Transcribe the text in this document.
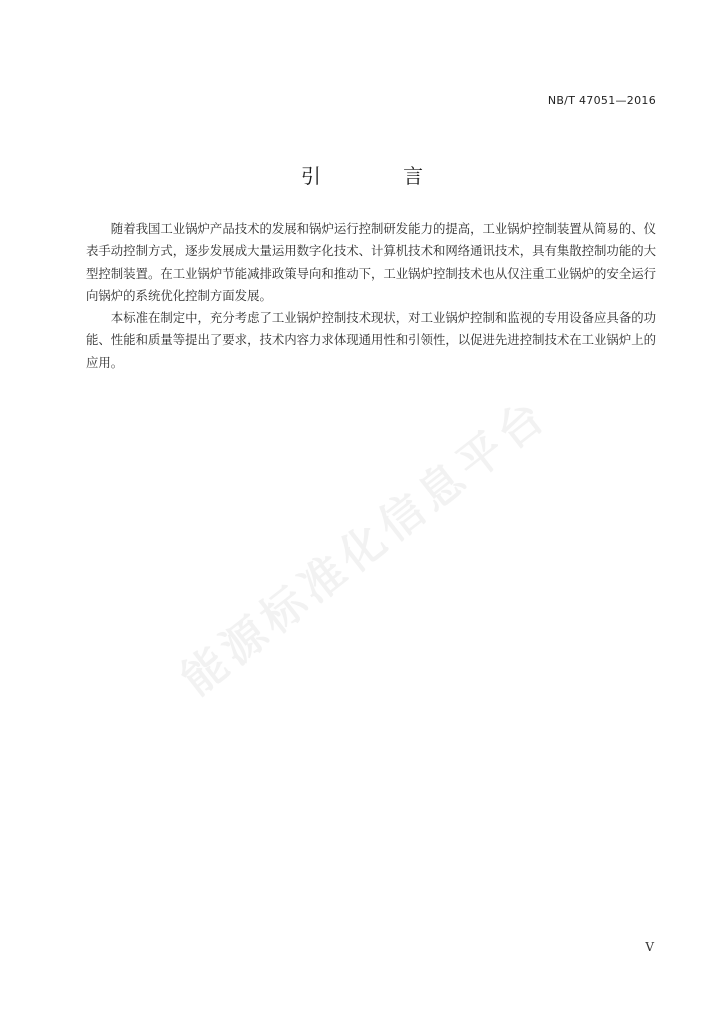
NB/T 47051—2016
引 言

随着我国工业锅炉产品技术的发展和锅炉运行控制研发能力的提高，工业锅炉控制装置从简易的、仪表手动控制方式，逐步发展成大量运用数字化技术、计算机技术和网络通讯技术，具有集散控制功能的大型控制装置。在工业锅炉节能减排政策导向和推动下，工业锅炉控制技术也从仅注重工业锅炉的安全运行向锅炉的系统优化控制方面发展。

本标准在制定中，充分考虑了工业锅炉控制技术现状，对工业锅炉控制和监视的专用设备应具备的功能、性能和质量等提出了要求，技术内容力求体现通用性和引领性，以促进先进控制技术在工业锅炉上的应用。

能源标准化信息平台
V
